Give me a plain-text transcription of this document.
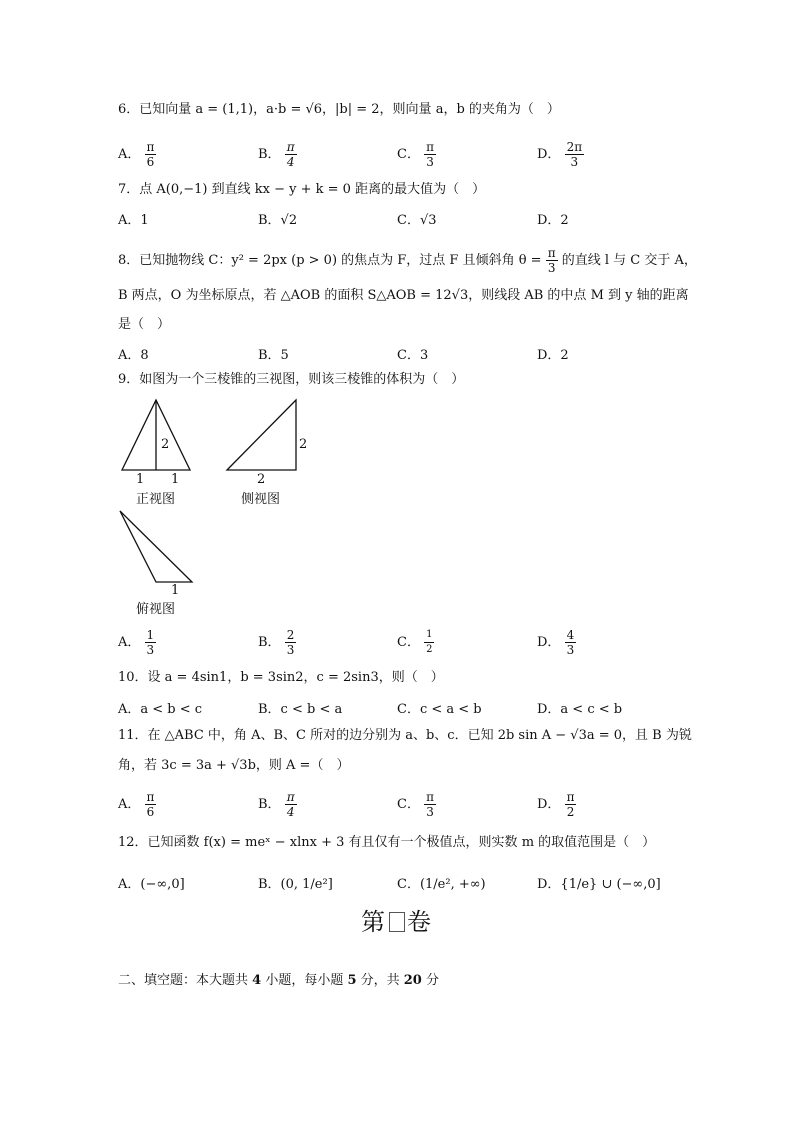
6．已知向量 a = (1,1)，a·b = √6，|b| = 2，则向量 a，b 的夹角为（　）
A． $\frac{\pi}{6}$	B． $\frac{\pi}{4}$	C． $\frac{\pi}{3}$	D． $\frac{2\pi}{3}$
7．点 A(0,−1) 到直线 kx − y + k = 0 距离的最大值为（　）
A．1	B．√2	C．√3	D．2
8．已知抛物线 C：y² = 2px (p > 0) 的焦点为 F，过点 F 且倾斜角 $\theta = \frac{\pi}{3}$ 的直线 l 与 C 交于 A，
B 两点，O 为坐标原点，若 △AOB 的面积 S△AOB = 12√3，则线段 AB 的中点 M 到 y 轴的距离
是（　）
A．8	B．5	C．3	D．2
9．如图为一个三棱锥的三视图，则该三棱锥的体积为（　）
2
1 1
正视图
2
2
侧视图
1
俯视图
A． $\frac{1}{3}$	B． $\frac{2}{3}$	C． $\frac{1}{2}$	D． $\frac{4}{3}$
10．设 a = 4sin1，b = 3sin2，c = 2sin3，则（　）
A．a < b < c	B．c < b < a	C．c < a < b	D．a < c < b
11．在 △ABC 中，角 A、B、C 所对的边分别为 a、b、c．已知 2b sin A − √3a = 0，且 B 为锐
角，若 3c = 3a + √3b，则 A =（　）
A． $\frac{\pi}{6}$	B． $\frac{\pi}{4}$	C． $\frac{\pi}{3}$	D． $\frac{\pi}{2}$
12．已知函数 f(x) = meˣ − xlnx + 3 有且仅有一个极值点，则实数 m 的取值范围是（　）
A．(−∞,0]	B．(0, 1/e²]	C．(1/e², +∞)	D．{1/e} ∪ (−∞,0]
第 卷
二、填空题：本大题共 4 小题，每小题 5 分，共 20 分
